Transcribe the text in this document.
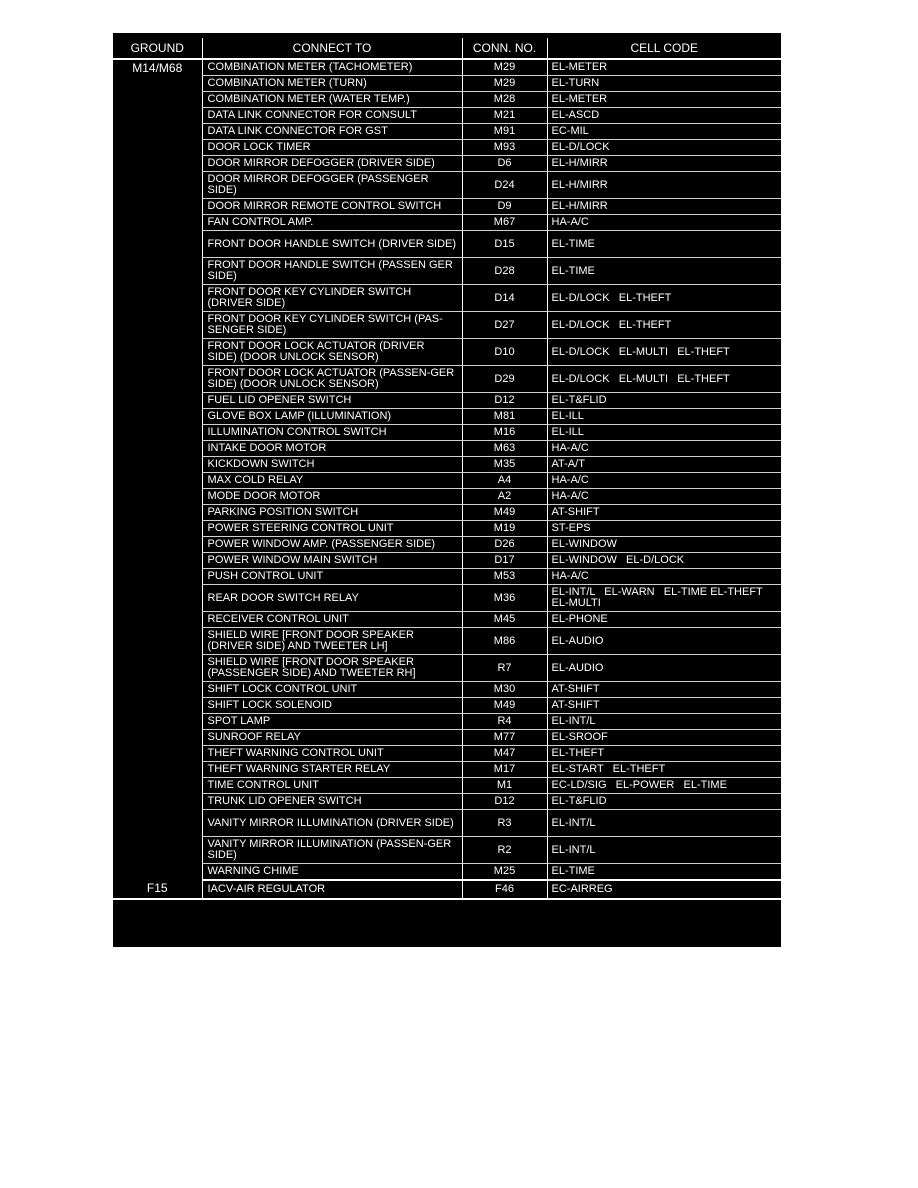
GROUND	CONNECT TO	CONN. NO.	CELL CODE
M14/M68	COMBINATION METER (TACHOMETER)	M29	EL-METER
	COMBINATION METER (TURN)	M29	EL-TURN
	COMBINATION METER (WATER TEMP.)	M28	EL-METER
	DATA LINK CONNECTOR FOR CONSULT	M21	EL-ASCD
	DATA LINK CONNECTOR FOR GST	M91	EC-MIL
	DOOR LOCK TIMER	M93	EL-D/LOCK
	DOOR MIRROR DEFOGGER (DRIVER SIDE)	D6	EL-H/MIRR
	DOOR MIRROR DEFOGGER (PASSENGER SIDE)	D24	EL-H/MIRR
	DOOR MIRROR REMOTE CONTROL SWITCH	D9	EL-H/MIRR
	FAN CONTROL AMP.	M67	HA-A/C
	FRONT DOOR HANDLE SWITCH (DRIVER SIDE)	D15	EL-TIME
	FRONT DOOR HANDLE SWITCH (PASSEN GER SIDE)	D28	EL-TIME
	FRONT DOOR KEY CYLINDER SWITCH (DRIVER SIDE)	D14	EL-D/LOCK   EL-THEFT
	FRONT DOOR KEY CYLINDER SWITCH (PAS-SENGER SIDE)	D27	EL-D/LOCK   EL-THEFT
	FRONT DOOR LOCK ACTUATOR (DRIVER SIDE) (DOOR UNLOCK SENSOR)	D10	EL-D/LOCK   EL-MULTI   EL-THEFT
	FRONT DOOR LOCK ACTUATOR (PASSEN-GER SIDE) (DOOR UNLOCK SENSOR)	D29	EL-D/LOCK   EL-MULTI   EL-THEFT
	FUEL LID OPENER SWITCH	D12	EL-T&FLID
	GLOVE BOX LAMP (ILLUMINATION)	M81	EL-ILL
	ILLUMINATION CONTROL SWITCH	M16	EL-ILL
	INTAKE DOOR MOTOR	M63	HA-A/C
	KICKDOWN SWITCH	M35	AT-A/T
	MAX COLD RELAY	A4	HA-A/C
	MODE DOOR MOTOR	A2	HA-A/C
	PARKING POSITION SWITCH	M49	AT-SHIFT
	POWER STEERING CONTROL UNIT	M19	ST-EPS
	POWER WINDOW AMP. (PASSENGER SIDE)	D26	EL-WINDOW
	POWER WINDOW MAIN SWITCH	D17	EL-WINDOW   EL-D/LOCK
	PUSH CONTROL UNIT	M53	HA-A/C
	REAR DOOR SWITCH RELAY	M36	EL-INT/L   EL-WARN   EL-TIME EL-THEFT   EL-MULTI
	RECEIVER CONTROL UNIT	M45	EL-PHONE
	SHIELD WIRE [FRONT DOOR SPEAKER (DRIVER SIDE) AND TWEETER LH]	M86	EL-AUDIO
	SHIELD WIRE [FRONT DOOR SPEAKER (PASSENGER SIDE) AND TWEETER RH]	R7	EL-AUDIO
	SHIFT LOCK CONTROL UNIT	M30	AT-SHIFT
	SHIFT LOCK SOLENOID	M49	AT-SHIFT
	SPOT LAMP	R4	EL-INT/L
	SUNROOF RELAY	M77	EL-SROOF
	THEFT WARNING CONTROL UNIT	M47	EL-THEFT
	THEFT WARNING STARTER RELAY	M17	EL-START   EL-THEFT
	TIME CONTROL UNIT	M1	EC-LD/SIG   EL-POWER   EL-TIME
	TRUNK LID OPENER SWITCH	D12	EL-T&FLID
	VANITY MIRROR ILLUMINATION (DRIVER SIDE)	R3	EL-INT/L
	VANITY MIRROR ILLUMINATION (PASSEN-GER SIDE)	R2	EL-INT/L
	WARNING CHIME	M25	EL-TIME
F15	IACV-AIR REGULATOR	F46	EC-AIRREG
